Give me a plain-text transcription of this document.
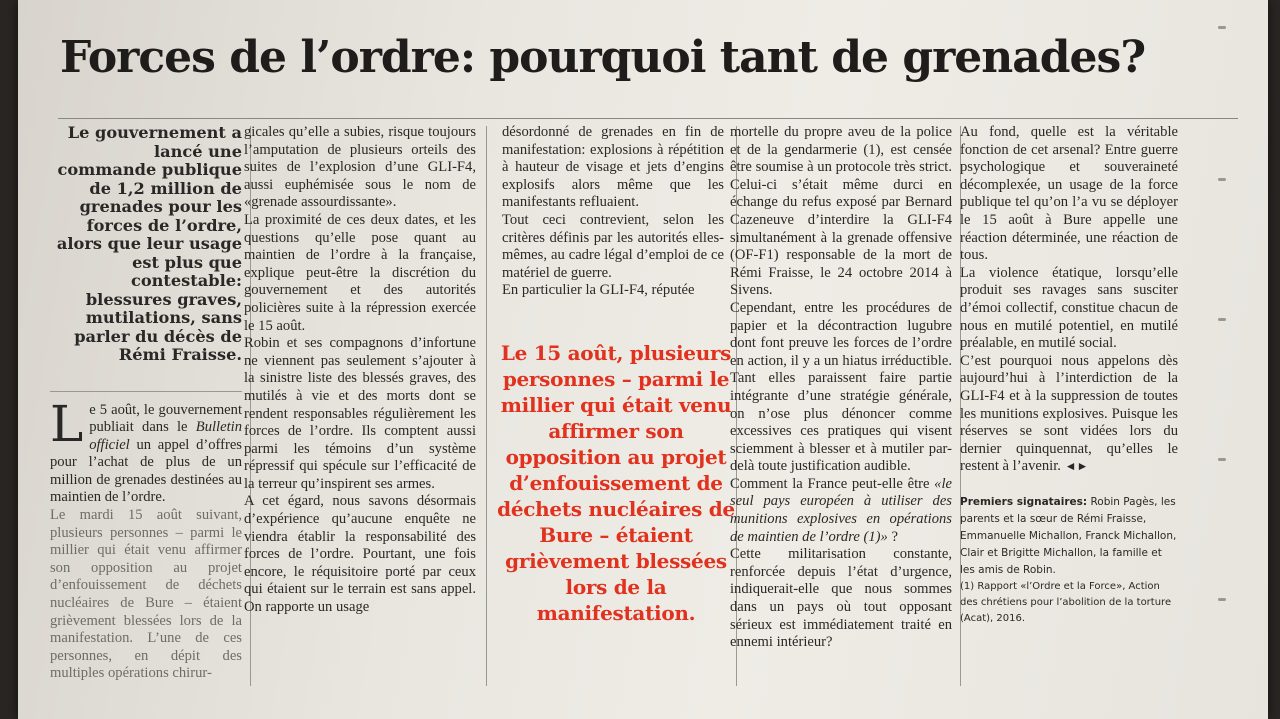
Forces de l’ordre: pourquoi tant de grenades?

Le gouvernement a lancé une commande publique de 1,2 million de grenades pour les forces de l’ordre, alors que leur usage est plus que contestable: blessures graves, mutilations, sans parler du décès de Rémi Fraisse.

Le 5 août, le gouvernement publiait dans le Bulletin officiel un appel d’offres pour l’achat de plus de un million de grenades destinées au maintien de l’ordre.

Le mardi 15 août suivant, plusieurs personnes – parmi le millier qui était venu affirmer son opposition au projet d’enfouissement de déchets nucléaires de Bure – étaient grièvement blessées lors de la manifestation. L’une de ces personnes, en dépit des multiples opérations chirur-

gicales qu’elle a subies, risque toujours l’amputation de plusieurs orteils des suites de l’explosion d’une GLI-F4, aussi euphémisée sous le nom de «grenade assourdissante».

La proximité de ces deux dates, et les questions qu’elle pose quant au maintien de l’ordre à la française, explique peut-être la discrétion du gouvernement et des autorités policières suite à la répression exercée le 15 août.

Robin et ses compagnons d’infortune ne viennent pas seulement s’ajouter à la sinistre liste des blessés graves, des mutilés à vie et des morts dont se rendent responsables régulièrement les forces de l’ordre. Ils comptent aussi parmi les témoins d’un système répressif qui spécule sur l’efficacité de la terreur qu’inspirent ses armes.

A cet égard, nous savons désormais d’expérience qu’aucune enquête ne viendra établir la responsabilité des forces de l’ordre. Pourtant, une fois encore, le réquisitoire porté par ceux qui étaient sur le terrain est sans appel. On rapporte un usage

désordonné de grenades en fin de manifestation: explosions à répétition à hauteur de visage et jets d’engins explosifs alors même que les manifestants refluaient.

Tout ceci contrevient, selon les critères définis par les autorités elles-mêmes, au cadre légal d’emploi de ce matériel de guerre.

En particulier la GLI-F4, réputée

Le 15 août, plusieurs personnes – parmi le millier qui était venu affirmer son opposition au projet d’enfouissement de déchets nucléaires de Bure – étaient grièvement blessées lors de la manifestation.

mortelle du propre aveu de la police et de la gendarmerie (1), est censée être soumise à un protocole très strict. Celui-ci s’était même durci en échange du refus exposé par Bernard Cazeneuve d’interdire la GLI-F4 simultanément à la grenade offensive (OF-F1) responsable de la mort de Rémi Fraisse, le 24 octobre 2014 à Sivens.

Cependant, entre les procédures de papier et la décontraction lugubre dont font preuve les forces de l’ordre en action, il y a un hiatus irréductible. Tant elles paraissent faire partie intégrante d’une stratégie générale, on n’ose plus dénoncer comme excessives ces pratiques qui visent sciemment à blesser et à mutiler par-delà toute justification audible.

Comment la France peut-elle être «le seul pays européen à utiliser des munitions explosives en opérations de maintien de l’ordre (1)» ?

Cette militarisation constante, renforcée depuis l’état d’urgence, indiquerait-elle que nous sommes dans un pays où tout opposant sérieux est immédiatement traité en ennemi intérieur?

Au fond, quelle est la véritable fonction de cet arsenal? Entre guerre psychologique et souveraineté décomplexée, un usage de la force publique tel qu’on l’a vu se déployer le 15 août à Bure appelle une réaction déterminée, une réaction de tous.

La violence étatique, lorsqu’elle produit ses ravages sans susciter d’émoi collectif, constitue chacun de nous en mutilé potentiel, en mutilé préalable, en mutilé social.

C’est pourquoi nous appelons dès aujourd’hui à l’interdiction de la GLI-F4 et à la suppression de toutes les munitions explosives. Puisque les réserves se sont vidées lors du dernier quinquennat, qu’elles le restent à l’avenir. ◄►

Premiers signataires: Robin Pagès, les parents et la sœur de Rémi Fraisse, Emmanuelle Michallon, Franck Michallon, Clair et Brigitte Michallon, la famille et les amis de Robin.

(1) Rapport «l’Ordre et la Force», Action des chrétiens pour l’abolition de la torture (Acat), 2016.
